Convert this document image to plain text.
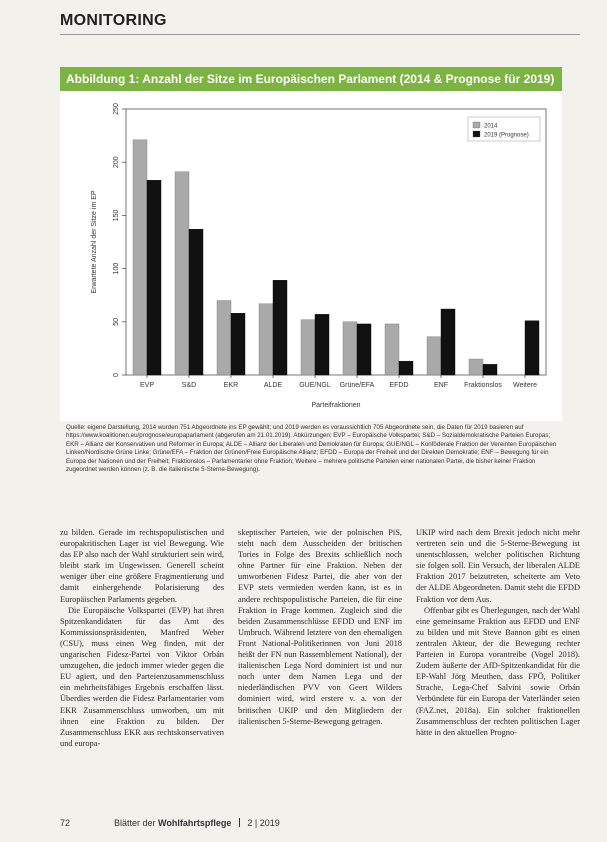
MONITORING
Abbildung 1: Anzahl der Sitze im Europäischen Parlament (2014 & Prognose für 2019)
0
50
100
150
200
250
Erwartete Anzahl der Sitze im EP
EVP	S&D	EKR	ALDE GUE/NGL Grüne/EFA EFDD	ENF Fraktionslos Weitere
Parteifraktionen
2014
2019 (Prognose)
Quelle: eigene Darstellung, 2014 wurden 751 Abgeordnete ins EP gewählt; und 2019 werden es voraussichtlich 705 Abgeordnete sein, die Daten für 2019 basieren auf https://www.koalitionen.eu/prognose/europaparlament (abgerufen am 21.01.2019). Abkürzungen: EVP – Europäische Volkspartei; S&D – Sozialdemokratische Parteien Europas; EKR – Allianz der Konservativen und Reformer in Europa; ALDE – Allianz der Liberalen und Demokraten für Europa; GUE/NGL – Konföderale Fraktion der Vereinten Europäischen Linken/Nordische Grüne Linke; Grüne/EFA – Fraktion der Grünen/Freie Europäische Allianz; EFDD – Europa der Freiheit und der Direkten Demokratie; ENF – Bewegung für ein Europa der Nationen und der Freiheit; Fraktionslos – Parlamentarier ohne Fraktion; Weitere – mehrere politische Parteien einer nationalen Partei, die bisher keiner Fraktion zugeordnet werden können (z. B. die italienische 5-Sterne-Bewegung).

zu bilden. Gerade im rechtspopulistischen und europakritischen Lager ist viel Bewegung. Wie das EP also nach der Wahl strukturiert sein wird, bleibt stark im Ungewissen. Generell scheint weniger über eine größere Fragmentierung und damit einhergehende Polarisierung des Europäischen Parlaments gegeben.

Die Europäische Volkspartei (EVP) hat ihren Spitzenkandidaten für das Amt des Kommissionspräsidenten, Manfred Weber (CSU), muss einen Weg finden, mit der ungarischen Fidesz-Partei von Viktor Orbán umzugehen, die jedoch immer wieder gegen die EU agiert, und den Parteienzusammenschluss ein mehrheitsfähiges Ergebnis erschaffen lässt. Überdies werden die Fidesz Parlamentarier vom EKR Zusammenschluss umworben, um mit ihnen eine Fraktion zu bilden. Der Zusammenschluss EKR aus rechtskonservativen und europa-

skeptischer Parteien, wie der polnischen PiS, steht nach dem Ausscheiden der britischen Tories in Folge des Brexits schließlich noch ohne Partner für eine Fraktion. Neben der umworbenen Fidesz Partei, die aber von der EVP stets vermieden werden kann, ist es in andere rechtspopulistische Parteien, die für eine Fraktion in Frage kommen. Zugleich sind die beiden Zusammenschlüsse EFDD und ENF im Umbruch. Während letztere von den ehemaligen Front National-Politikerinnen von Juni 2018 heißt der FN nun Rassemblement National), der italienischen Lega Nord dominiert ist und nur noch unter dem Namen Lega und der niederländischen PVV von Geert Wilders dominiert wird, wird erstere v. a. von der britischen UKIP und den Mitgliedern der italienischen 5-Sterne-Bewegung getragen.

UKIP wird nach dem Brexit jedoch nicht mehr vertreten sein und die 5-Sterne-Bewegung ist unentschlossen, welcher politischen Richtung sie folgen soll. Ein Versuch, der liberalen ALDE Fraktion 2017 beizutreten, scheiterte am Veto der ALDE Abgeordneten. Damit steht die EFDD Fraktion vor dem Aus.

Offenbar gibt es Überlegungen, nach der Wahl eine gemeinsame Fraktion aus EFDD und ENF zu bilden und mit Steve Bannon gibt es einen zentralen Akteur, der die Bewegung rechter Parteien in Europa vorantreibe (Vogel 2018). Zudem äußerte der AfD-Spitzenkandidat für die EP-Wahl Jörg Meuthen, dass FPÖ, Politiker Strache, Lega-Chef Salvini sowie Orbán Verbündete für ein Europa der Vaterländer seien (FAZ.net, 2018a). Ein solcher fraktionellen Zusammenschluss der rechten politischen Lager hätte in den aktuellen Progno-

72	Blätter der Wohlfahrtspflege 2 | 2019
